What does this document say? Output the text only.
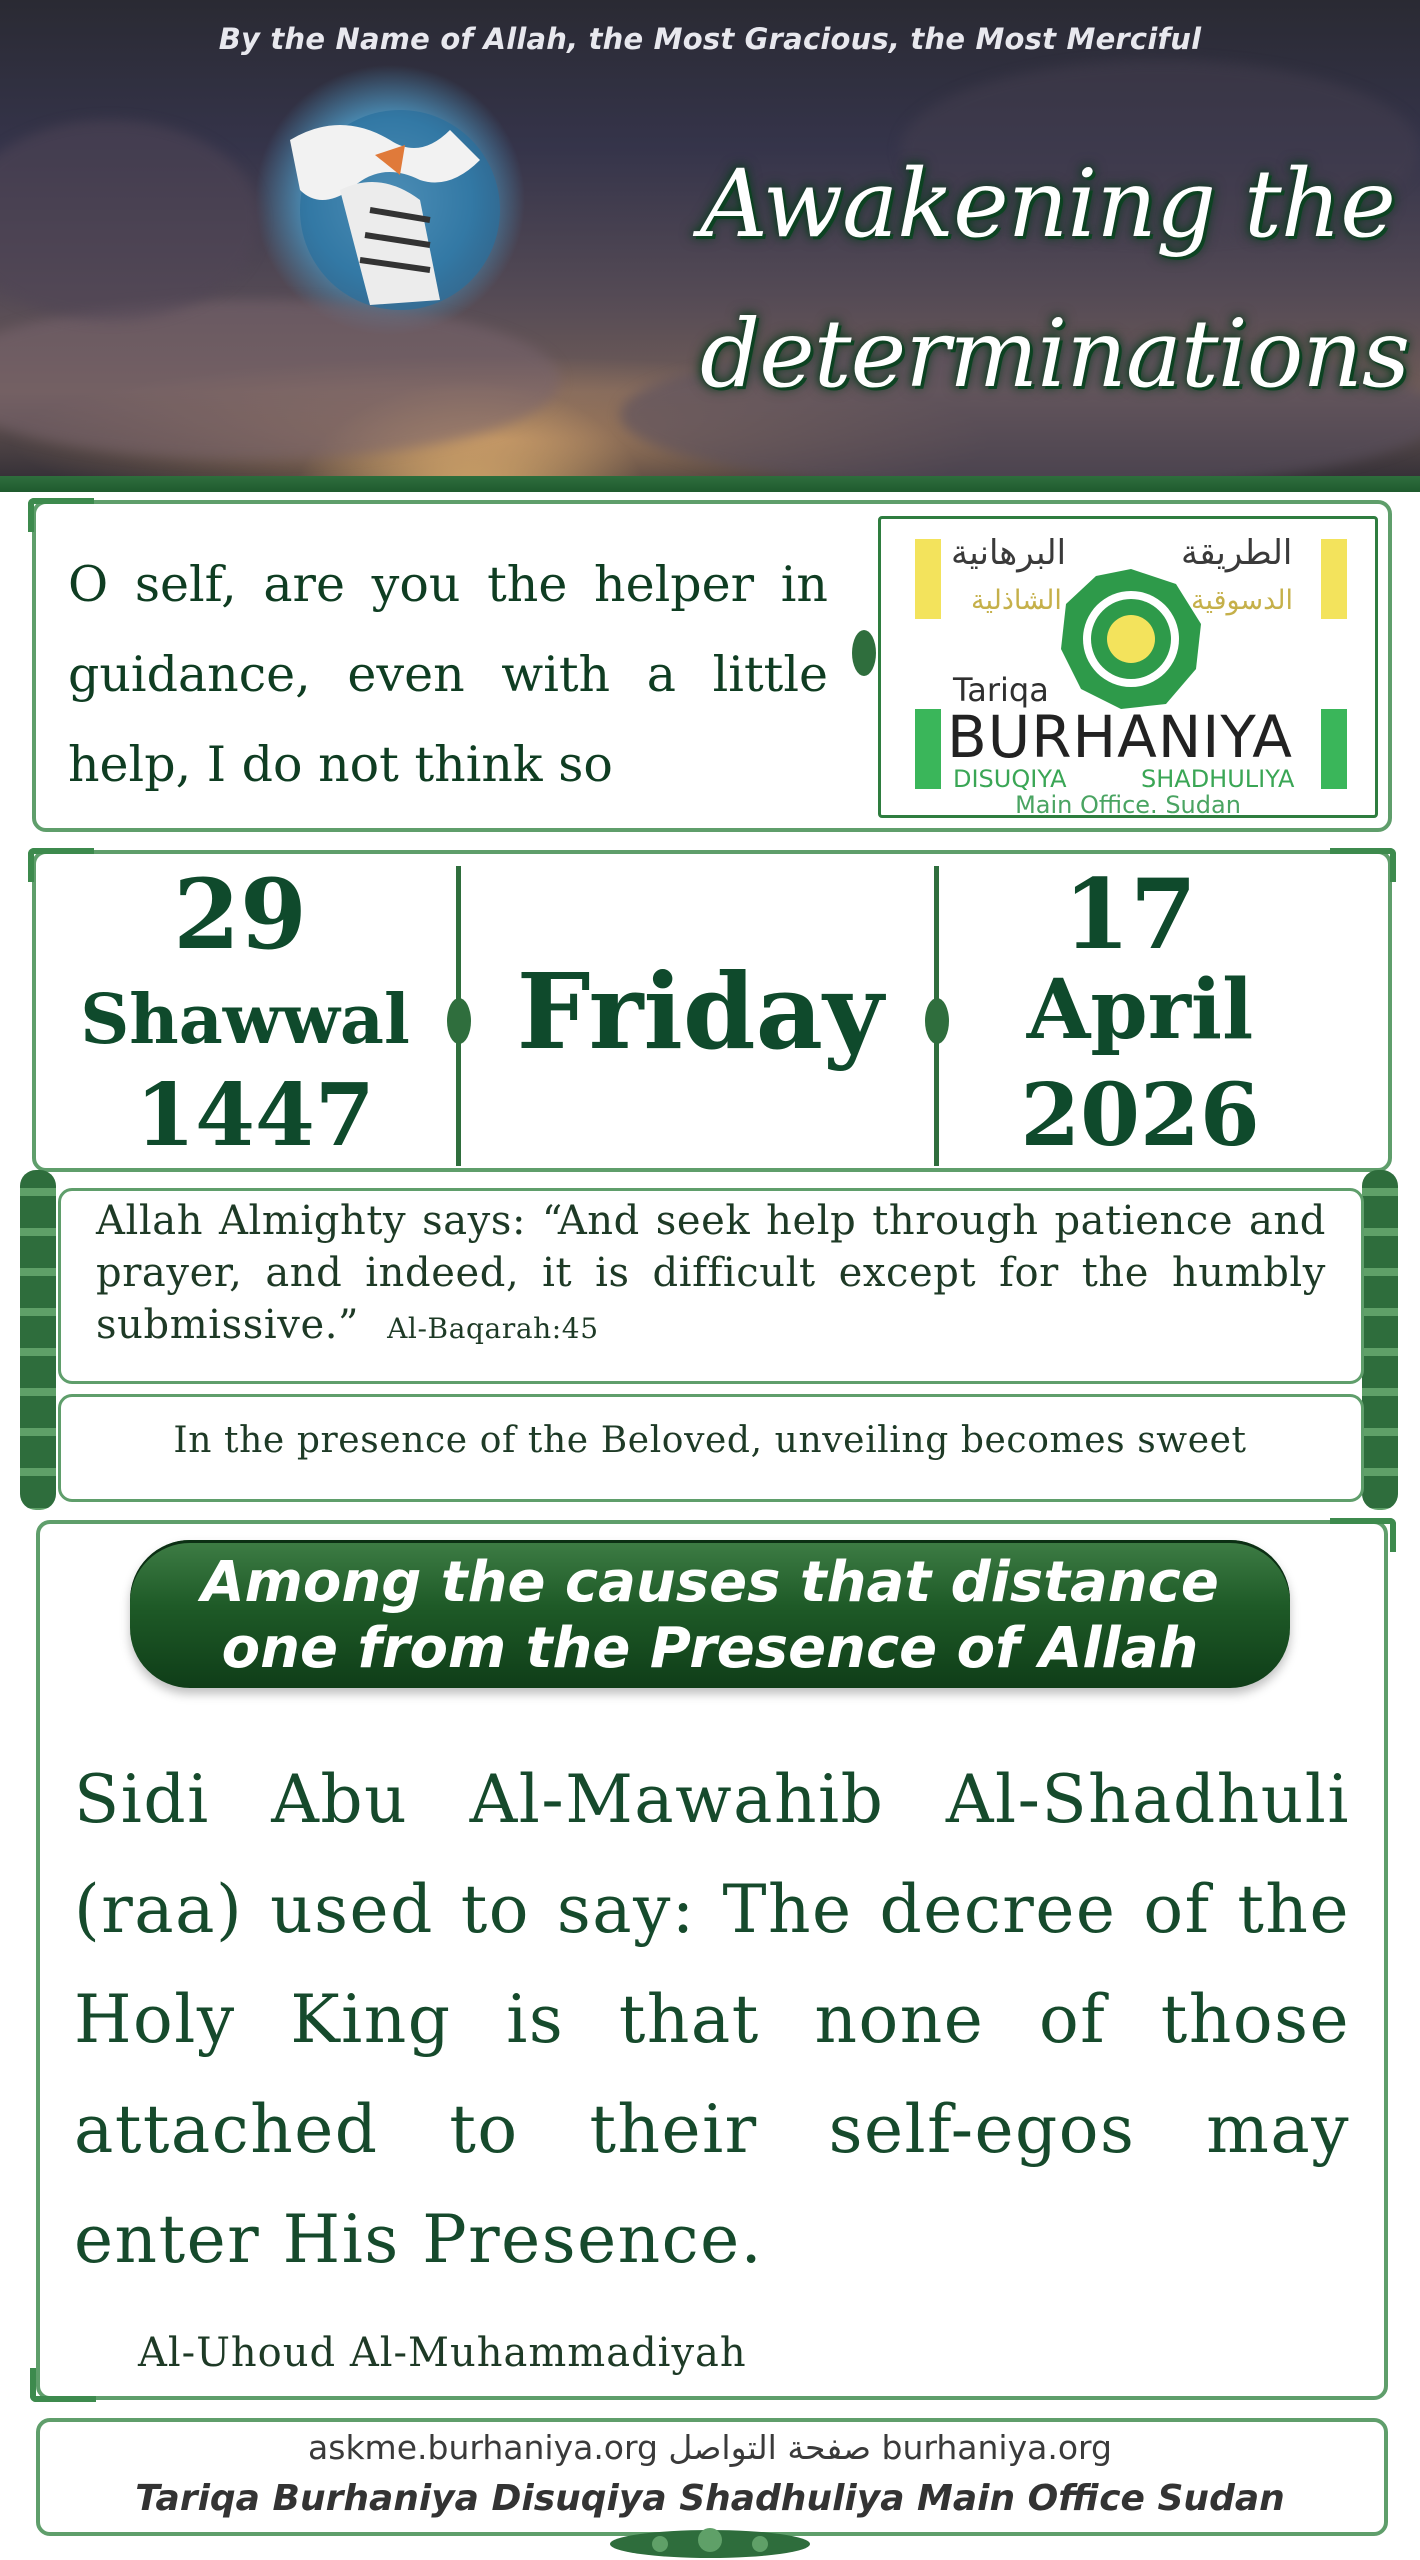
By the Name of Allah, the Most Gracious, the Most Merciful
Awakening the
determinations
O self, are you the helper in guidance, even with a little help, I do not think so
الطريقة
البرهانية
الدسوقية
الشاذلية
Tariqa
BURHANIYA
DISUQIYA	SHADHULIYA
Main Office. Sudan
29
Shawwal
1447
Friday
17
April
2026
Allah Almighty says: “And seek help through patience and prayer, and indeed, it is difficult except for the humbly submissive.” Al-Baqarah:45
In the presence of the Beloved, unveiling becomes sweet
Among the causes that distance
one from the Presence of Allah
Sidi Abu Al-Mawahib Al-Shadhuli (raa) used to say: The decree of the Holy King is that none of those attached to their self-egos may enter His Presence.
Al-Uhoud Al-Muhammadiyah
askme.burhaniya.org صفحة التواصل burhaniya.org
Tariqa Burhaniya Disuqiya Shadhuliya Main Office Sudan
